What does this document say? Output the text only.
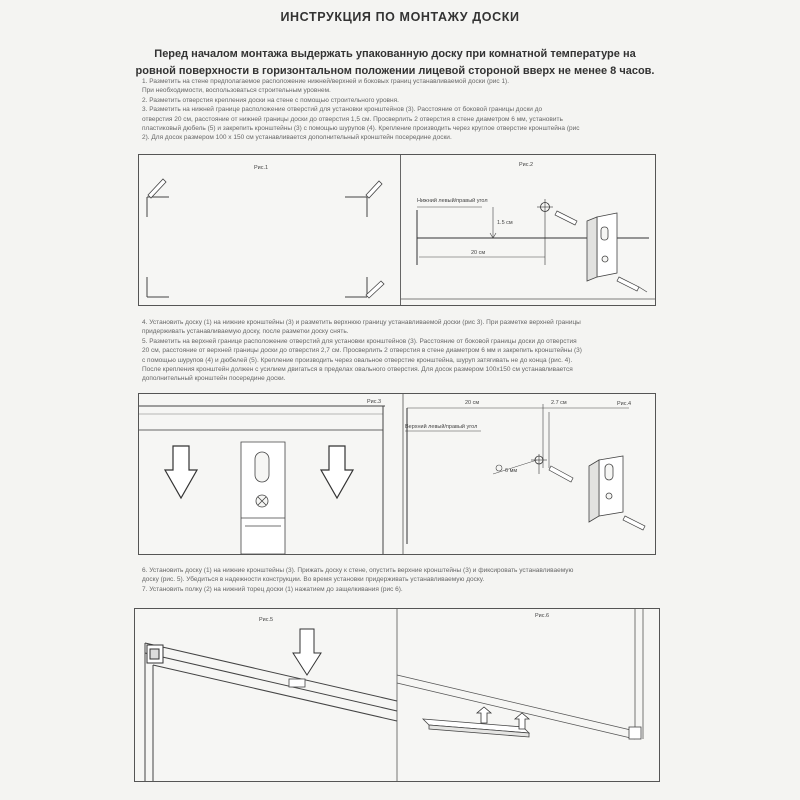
ИНСТРУКЦИЯ ПО МОНТАЖУ ДОСКИ
Перед началом монтажа выдержать упакованную доску при комнатной температуре на
ровной поверхности в горизонтальном положении лицевой стороной вверх не менее 8 часов.

1. Разметить на стене предполагаемое расположение нижней/верхней и боковых границ устанавливаемой доски (рис 1).

При необходимости, воспользоваться строительным уровнем.

2. Разметить отверстия крепления доски на стене с помощью строительного уровня.

3. Разметить на нижней границе расположение отверстий для установки кронштейнов (3). Расстояние от боковой границы доски до

отверстия 20 см, расстояние от нижней границы доски до отверстия 1,5 см. Просверлить 2 отверстия в стене диаметром 6 мм, установить

пластиковый дюбель (5) и закрепить кронштейны (3) с помощью шурупов (4). Крепление производить через круглое отверстие кронштейна (рис

2). Для досок размером 100 х 150 см устанавливается дополнительный кронштейн посередине доски.

Рис.1	Рис.2
Нижний левый/правый угол
1.5 см
20 см

4. Установить доску (1) на нижние кронштейны (3) и разметить верхнюю границу устанавливаемой доски (рис 3). При разметке верхней границы

придерживать устанавливаемую доску, после разметки доску снять.

5. Разметить на верхней границе расположение отверстий для установки кронштейнов (3). Расстояние от боковой границы доски до отверстия

20 см, расстояние от верхней границы доски до отверстия 2,7 см. Просверлить 2 отверстия в стене диаметром 6 мм и закрепить кронштейны (3)

с помощью шурупов (4) и дюбелей (5). Крепление производить через овальное отверстие кронштейна, шуруп затягивать не до конца (рис. 4).

После крепления кронштейн должен с усилием двигаться в пределах овального отверстия. Для досок размером 100х150 см устанавливается

дополнительный кронштейн посередине доски.

Рис.3	Рис.4
20 см	2.7 см
Верхний левый/правый угол
6 мм

6. Установить доску (1) на нижние кронштейны (3). Прижать доску к стене, опустить верхние кронштейны (3) и фиксировать устанавливаемую

доску (рис. 5). Убедиться в надежности конструкции. Во время установки придерживать устанавливаемую доску.

7. Установить полку (2) на нижний торец доски (1) нажатием до защелкивания (рис 6).

Рис.5
Рис.6
